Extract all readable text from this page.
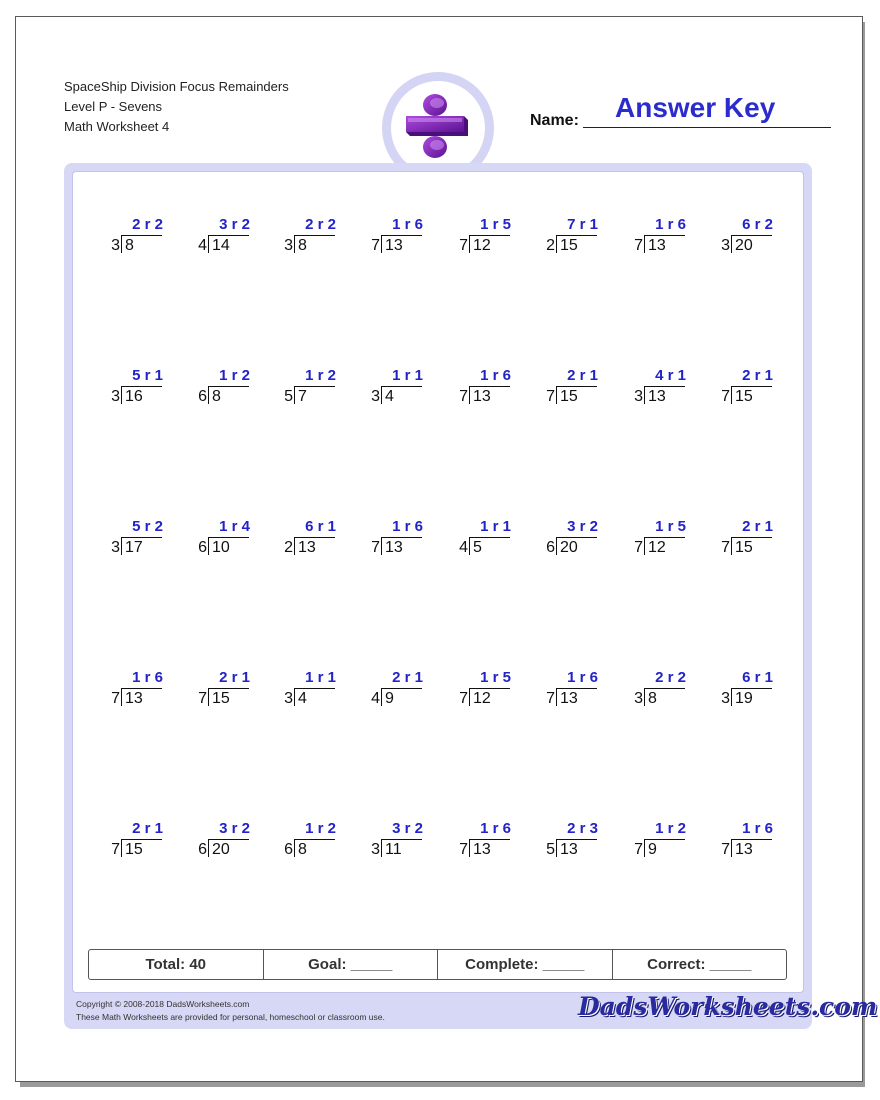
SpaceShip Division Focus Remainders
Level P - Sevens
Math Worksheet 4	Name: Answer Key
2 r 2
3 8
3 r 2
4 14
2 r 2
3 8
1 r 6
7 13
1 r 5
7 12
7 r 1
2 15
1 r 6
7 13
6 r 2
3 20
5 r 1
3 16
1 r 2
6 8
1 r 2
5 7
1 r 1
3 4
1 r 6
7 13
2 r 1
7 15
4 r 1
3 13
2 r 1
7 15
5 r 2
3 17
1 r 4
6 10
6 r 1
2 13
1 r 6
7 13
1 r 1
4 5
3 r 2
6 20
1 r 5
7 12
2 r 1
7 15
1 r 6
7 13
2 r 1
7 15
1 r 1
3 4
2 r 1
4 9
1 r 5
7 12
1 r 6
7 13
2 r 2
3 8
6 r 1
3 19
2 r 1
7 15
3 r 2
6 20
1 r 2
6 8
3 r 2
3 11
1 r 6
7 13
2 r 3
5 13
1 r 2
7 9
1 r 6
7 13
Total: 40	Goal: _____	Complete: _____	Correct: _____
Copyright © 2008-2018 DadsWorksheets.com
These Math Worksheets are provided for personal, homeschool or classroom use.	DadsWorksheets.com
